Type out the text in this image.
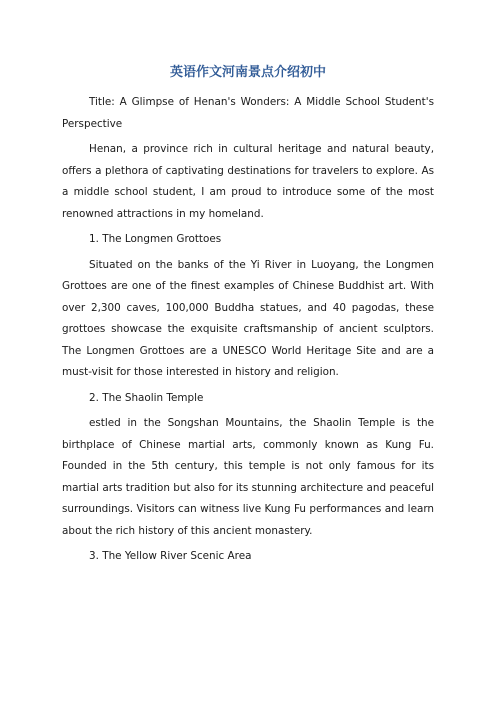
英语作文河南景点介绍初中

Title: A Glimpse of Henan's Wonders: A Middle School Student's Perspective

Henan, a province rich in cultural heritage and natural beauty, offers a plethora of captivating destinations for travelers to explore. As a middle school student, I am proud to introduce some of the most renowned attractions in my homeland.

1. The Longmen Grottoes

Situated on the banks of the Yi River in Luoyang, the Longmen Grottoes are one of the finest examples of Chinese Buddhist art. With over 2,300 caves, 100,000 Buddha statues, and 40 pagodas, these grottoes showcase the exquisite craftsmanship of ancient sculptors. The Longmen Grottoes are a UNESCO World Heritage Site and are a must-visit for those interested in history and religion.

2. The Shaolin Temple

estled in the Songshan Mountains, the Shaolin Temple is the birthplace of Chinese martial arts, commonly known as Kung Fu. Founded in the 5th century, this temple is not only famous for its martial arts tradition but also for its stunning architecture and peaceful surroundings. Visitors can witness live Kung Fu performances and learn about the rich history of this ancient monastery.

3. The Yellow River Scenic Area
